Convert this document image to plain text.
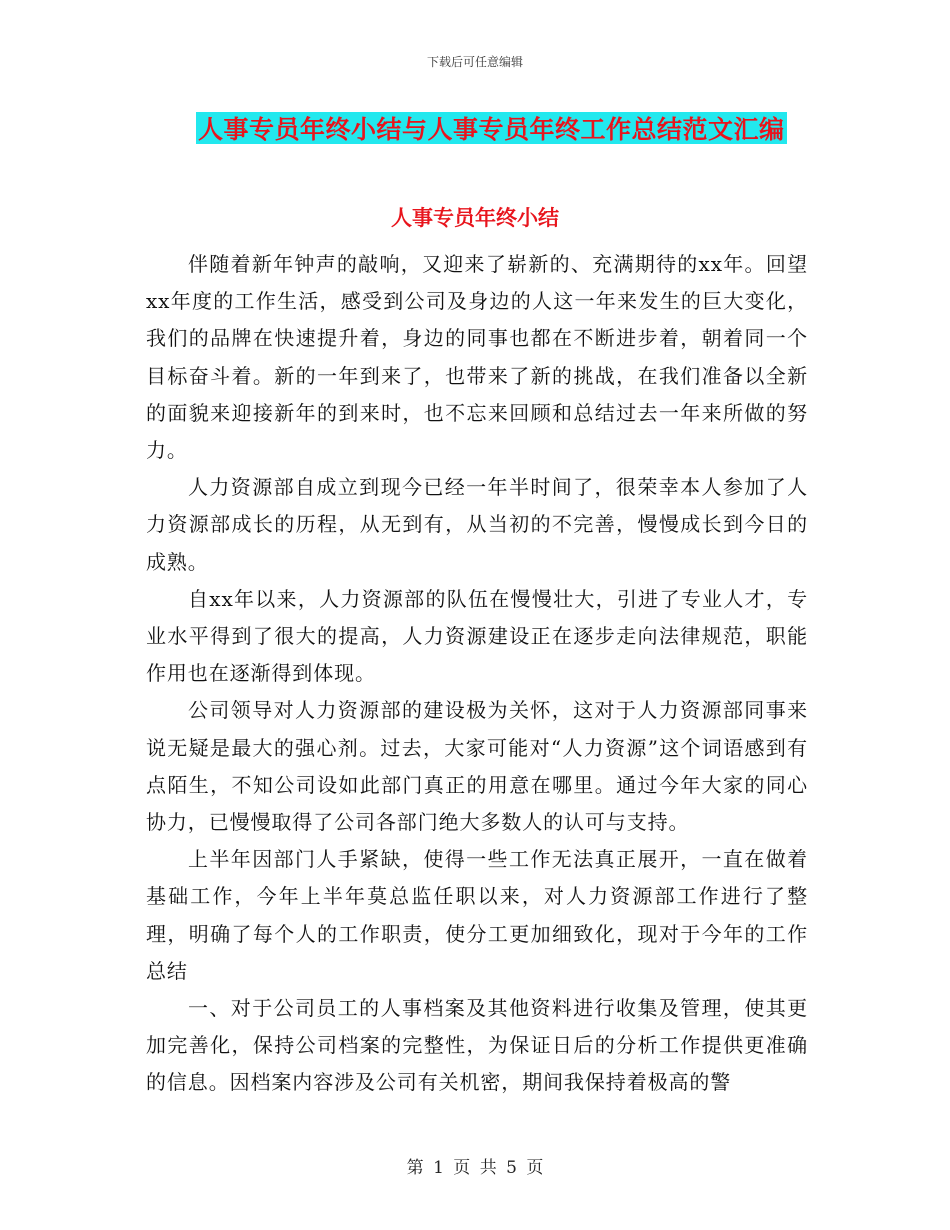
下载后可任意编辑
人事专员年终小结与人事专员年终工作总结范文汇编
人事专员年终小结

伴随着新年钟声的敲响，又迎来了崭新的、充满期待的xx年。回望xx年度的工作生活，感受到公司及身边的人这一年来发生的巨大变化，我们的品牌在快速提升着，身边的同事也都在不断进步着，朝着同一个目标奋斗着。新的一年到来了，也带来了新的挑战，在我们准备以全新的面貌来迎接新年的到来时，也不忘来回顾和总结过去一年来所做的努力。

人力资源部自成立到现今已经一年半时间了，很荣幸本人参加了人力资源部成长的历程，从无到有，从当初的不完善，慢慢成长到今日的成熟。

自xx年以来，人力资源部的队伍在慢慢壮大，引进了专业人才，专业水平得到了很大的提高，人力资源建设正在逐步走向法律规范，职能作用也在逐渐得到体现。

公司领导对人力资源部的建设极为关怀，这对于人力资源部同事来说无疑是最大的强心剂。过去，大家可能对“人力资源”这个词语感到有点陌生，不知公司设如此部门真正的用意在哪里。通过今年大家的同心协力，已慢慢取得了公司各部门绝大多数人的认可与支持。

上半年因部门人手紧缺，使得一些工作无法真正展开，一直在做着基础工作，今年上半年莫总监任职以来，对人力资源部工作进行了整理，明确了每个人的工作职责，使分工更加细致化，现对于今年的工作总结

一、对于公司员工的人事档案及其他资料进行收集及管理，使其更加完善化，保持公司档案的完整性，为保证日后的分析工作提供更准确的信息。因档案内容涉及公司有关机密，期间我保持着极高的警

第 1 页 共 5 页
